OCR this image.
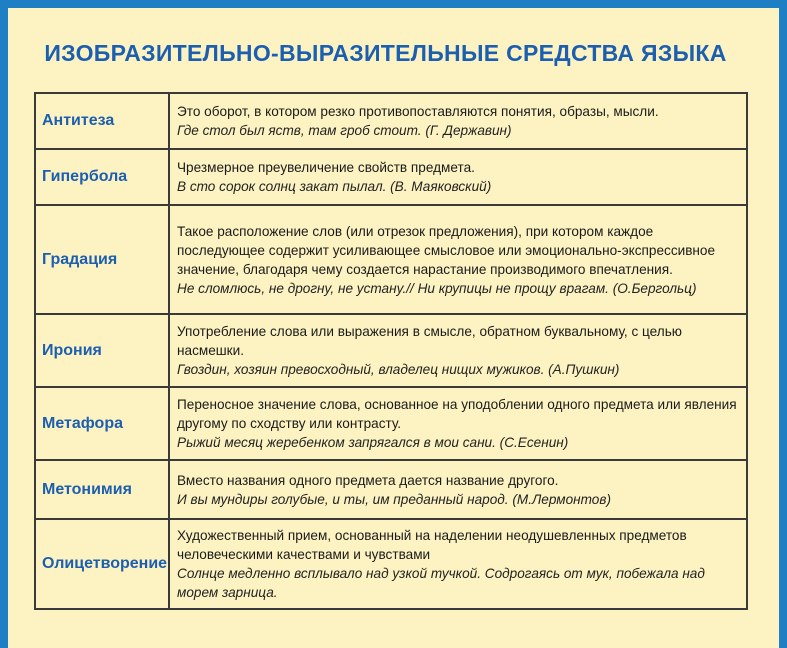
ИЗОБРАЗИТЕЛЬНО-ВЫРАЗИТЕЛЬНЫЕ СРЕДСТВА ЯЗЫКА
Антитеза	Это оборот, в котором резко противопоставляются понятия, образы, мысли.
Где стол был яств, там гроб стоит. (Г. Державин)

Гипербола	Чрезмерное преувеличение свойств предмета.
В сто сорок солнц закат пылал. (В. Маяковский)

Градация	Такое расположение слов (или отрезок предложения), при котором каждое последующее содержит усиливающее смысловое или эмоционально-экспрессивное значение, благодаря чему создается нарастание производимого впечатления.
Не сломлюсь, не дрогну, не устану.// Ни крупицы не прощу врагам. (О.Бергольц)

Ирония	Употребление слова или выражения в смысле, обратном буквальному, с целью насмешки.
Гвоздин, хозяин превосходный, владелец нищих мужиков. (А.Пушкин)

Метафора	Переносное значение слова, основанное на уподоблении одного предмета или явления другому по сходству или контрасту.
Рыжий месяц жеребенком запрягался в мои сани. (С.Есенин)

Метонимия	Вместо названия одного предмета дается название другого.
И вы мундиры голубые, и ты, им преданный народ. (М.Лермонтов)

Олицетворение	Художественный прием, основанный на наделении неодушевленных предметов человеческими качествами и чувствами
Солнце медленно всплывало над узкой тучкой. Содрогаясь от мук, побежала над морем зарница.
